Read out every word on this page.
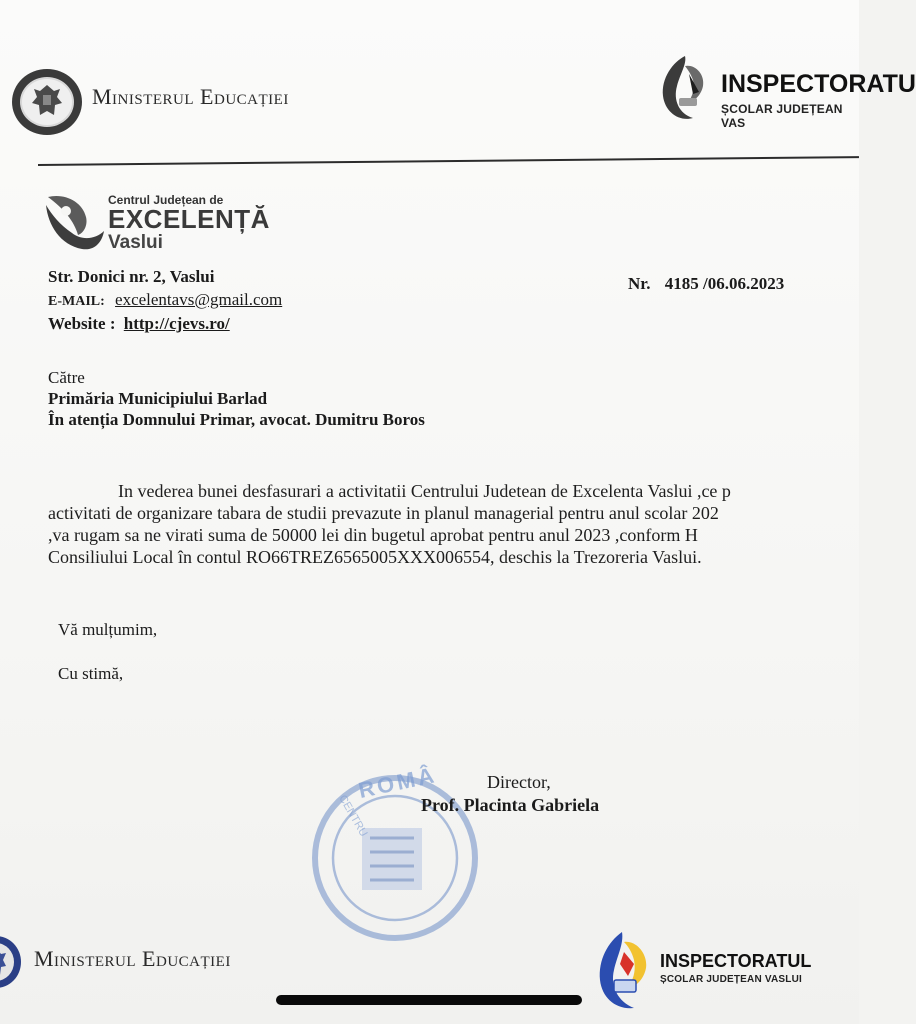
Ministerul Educației	INSPECTORATU
ȘCOLAR JUDEȚEAN VAS
Centrul Județean de
EXCELENȚĂ
Vaslui
Str. Donici nr. 2, Vaslui
E-MAIL: excelentavs@gmail.com
Website : http://cjevs.ro/
Nr. 4185 /06.06.2023
Către
Primăria Municipiului Barlad
În atenția Domnului Primar, avocat. Dumitru Boros
In vederea bunei desfasurari a activitatii Centrului Judetean de Excelenta Vaslui ,ce p
activitati de organizare tabara de studii prevazute in planul managerial pentru anul scolar 202
,va rugam sa ne virati suma de 50000 lei din bugetul aprobat pentru anul 2023 ,conform H
Consiliului Local în contul RO66TREZ6565005XXX006554, deschis la Trezoreria Vaslui.
Vă mulțumim,
Cu stimă,
ROMÂ
CENTRU
Director,
Prof. Placinta Gabriela
Ministerul Educației	INSPECTORATUL
ȘCOLAR JUDEȚEAN VASLUI
